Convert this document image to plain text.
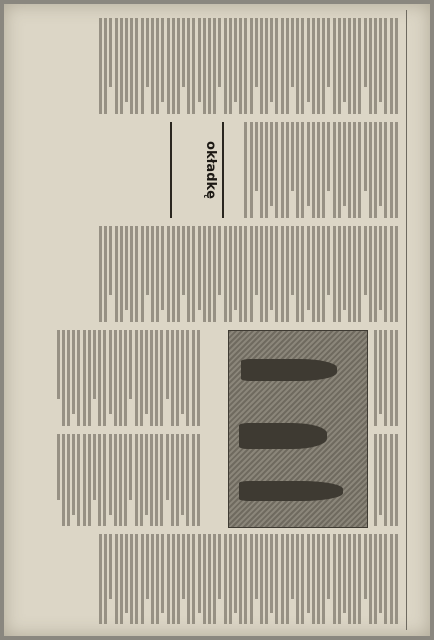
okładkę
